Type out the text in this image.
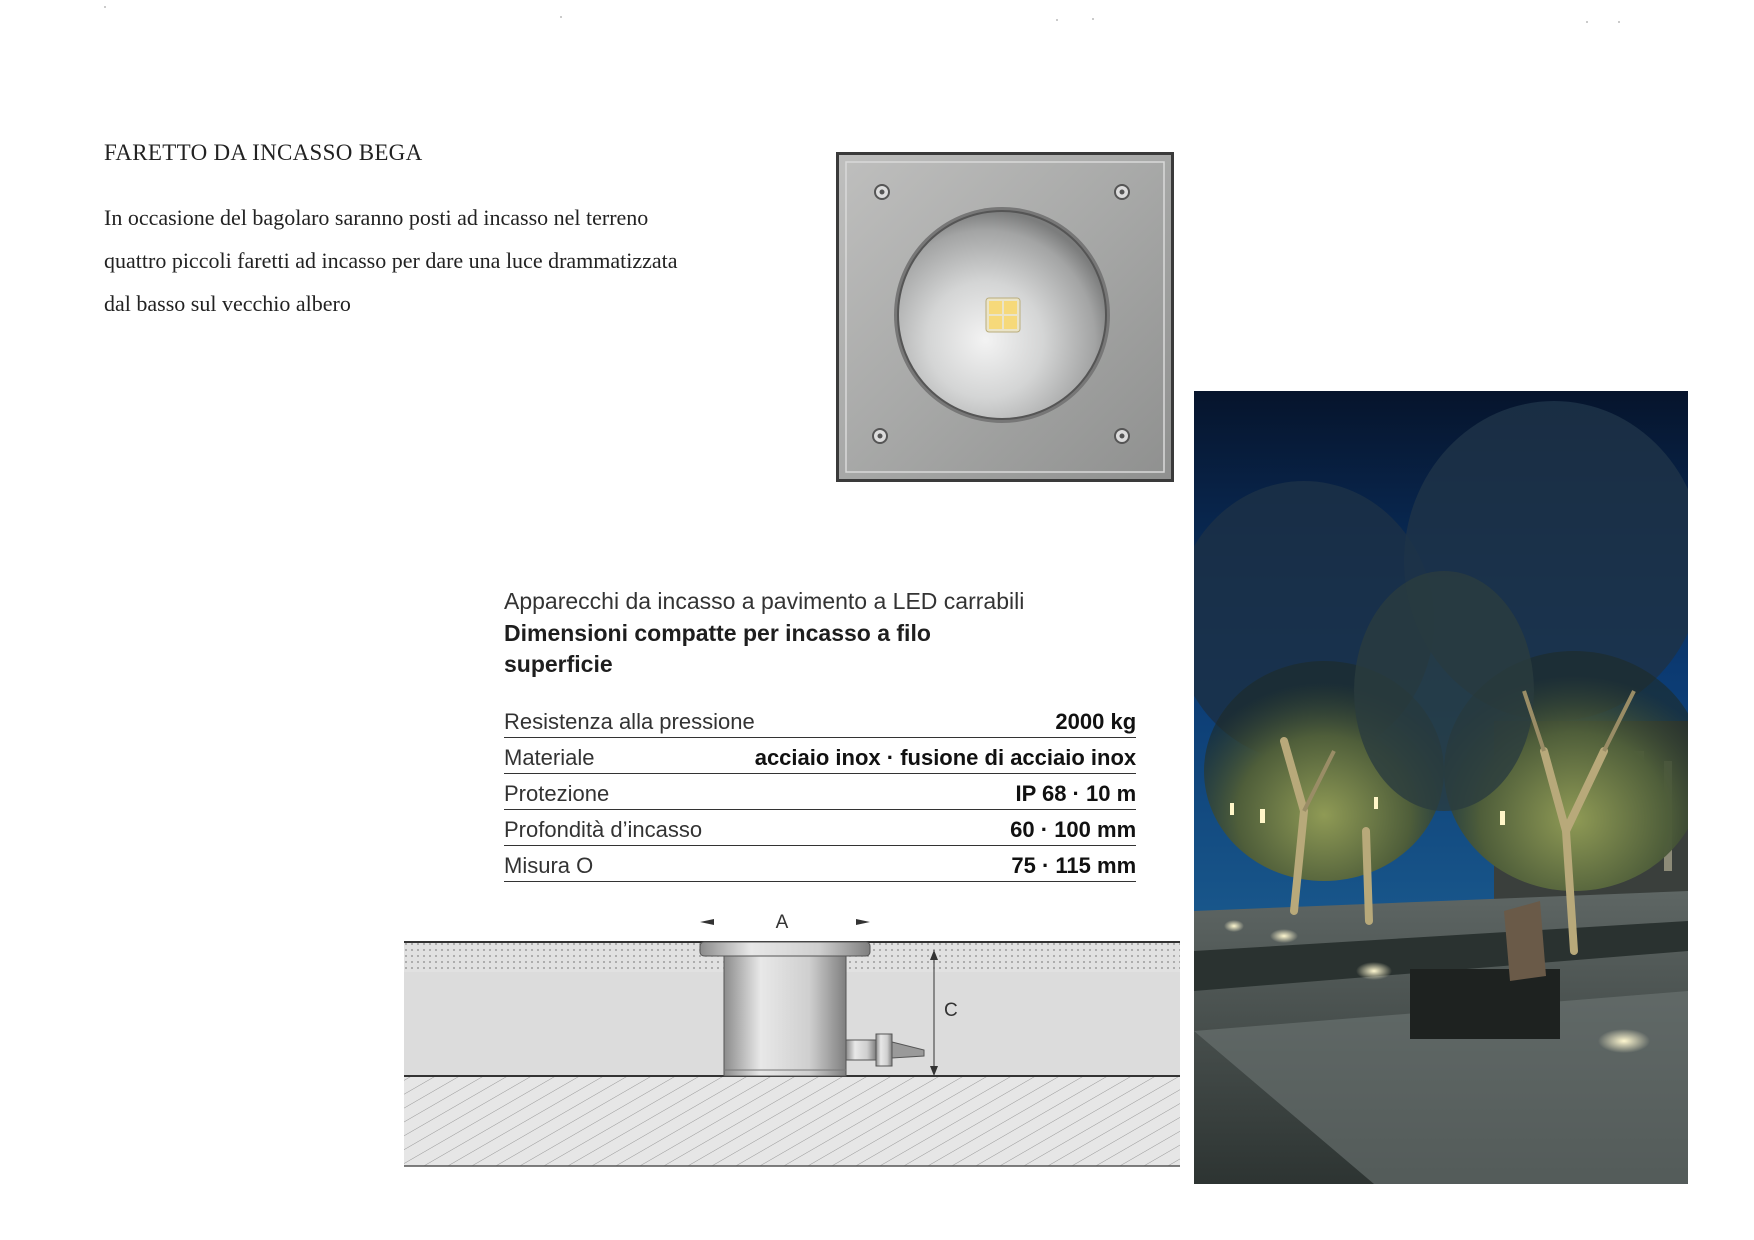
FARETTO DA INCASSO BEGA
In occasione del bagolaro saranno posti ad incasso nel terreno
quattro piccoli faretti ad incasso per dare una luce drammatizzata
dal basso sul vecchio albero
Apparecchi da incasso a pavimento a LED carrabili
Dimensioni compatte per incasso a filo superficie
Resistenza alla pressione	2000 kg
Materiale	acciaio inox · fusione di acciaio inox
Protezione	IP 68 · 10 m
Profondità d’incasso	60 · 100 mm
Misura O	75 · 115 mm
A
C
